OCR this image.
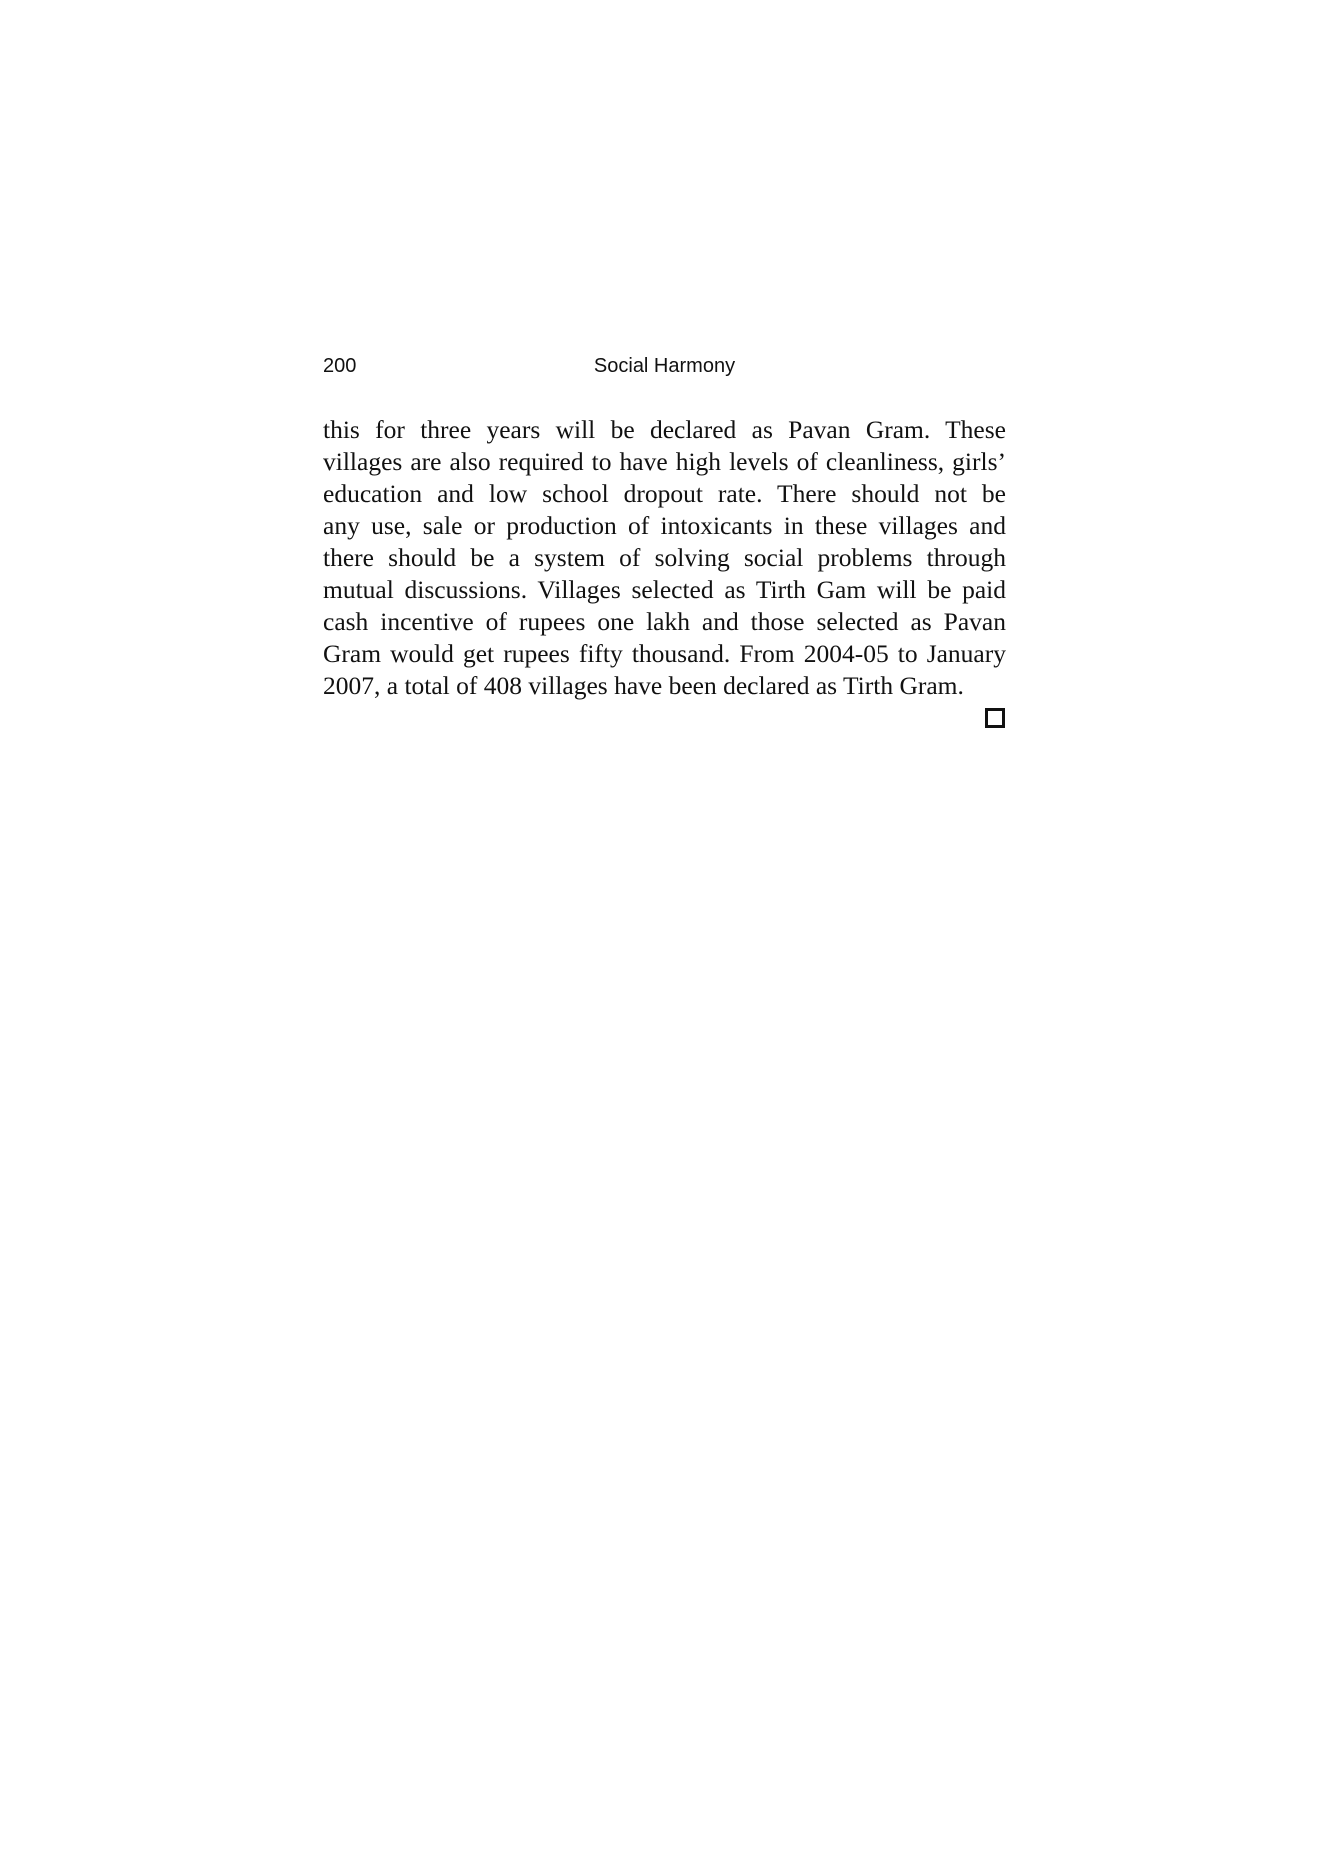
200	Social Harmony
this for three years will be declared as Pavan Gram. These
villages are also required to have high levels of cleanliness, girls’
education and low school dropout rate. There should not be
any use, sale or production of intoxicants in these villages and
there should be a system of solving social problems through
mutual discussions. Villages selected as Tirth Gam will be paid
cash incentive of rupees one lakh and those selected as Pavan
Gram would get rupees fifty thousand. From 2004-05 to January
2007, a total of 408 villages have been declared as Tirth Gram.
